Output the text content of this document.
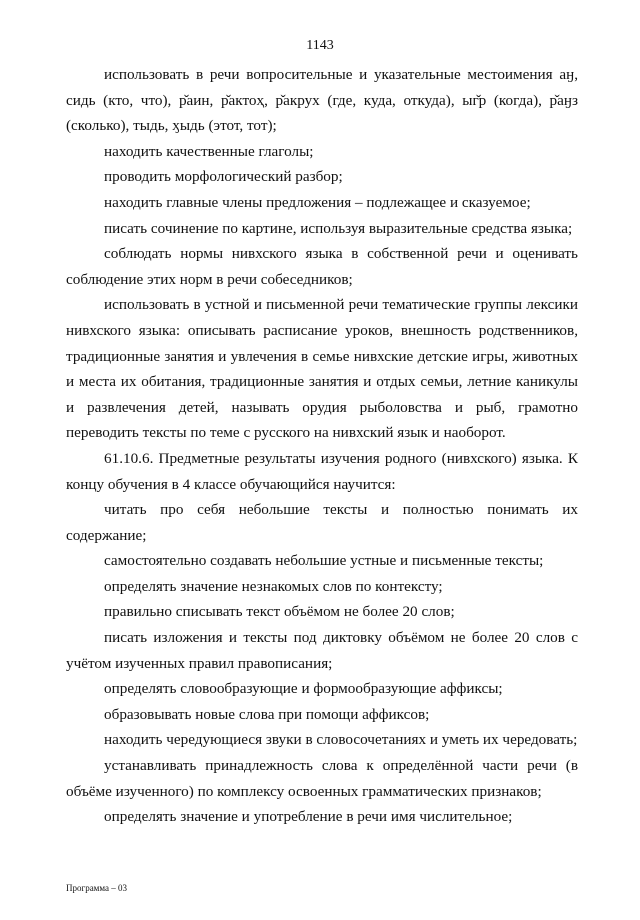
1143

использовать в речи вопросительные и указательные местоимения аӈ, сидь (кто, что), р̌аин, р̌актоҳ, р̌акрух (где, куда, откуда), ыг̌р (когда), р̌аӈз (сколько), тыдь, ӽыдь (этот, тот);

находить качественные глаголы;

проводить морфологический разбор;

находить главные члены предложения – подлежащее и сказуемое;

писать сочинение по картине, используя выразительные средства языка;

соблюдать нормы нивхского языка в собственной речи и оценивать соблюдение этих норм в речи собеседников;

использовать в устной и письменной речи тематические группы лексики нивхского языка: описывать расписание уроков, внешность родственников, традиционные занятия и увлечения в семье нивхские детские игры, животных и места их обитания, традиционные занятия и отдых семьи, летние каникулы и развлечения детей, называть орудия рыболовства и рыб, грамотно переводить тексты по теме с русского на нивхский язык и наоборот.

61.10.6. Предметные результаты изучения родного (нивхского) языка. К концу обучения в 4 классе обучающийся научится:

читать про себя небольшие тексты и полностью понимать их содержание;

самостоятельно создавать небольшие устные и письменные тексты;

определять значение незнакомых слов по контексту;

правильно списывать текст объёмом не более 20 слов;

писать изложения и тексты под диктовку объёмом не более 20 слов с учётом изученных правил правописания;

определять словообразующие и формообразующие аффиксы;

образовывать новые слова при помощи аффиксов;

находить чередующиеся звуки в словосочетаниях и уметь их чередовать;

устанавливать принадлежность слова к определённой части речи (в объёме изученного) по комплексу освоенных грамматических признаков;

определять значение и употребление в речи имя числительное;

Программа – 03
